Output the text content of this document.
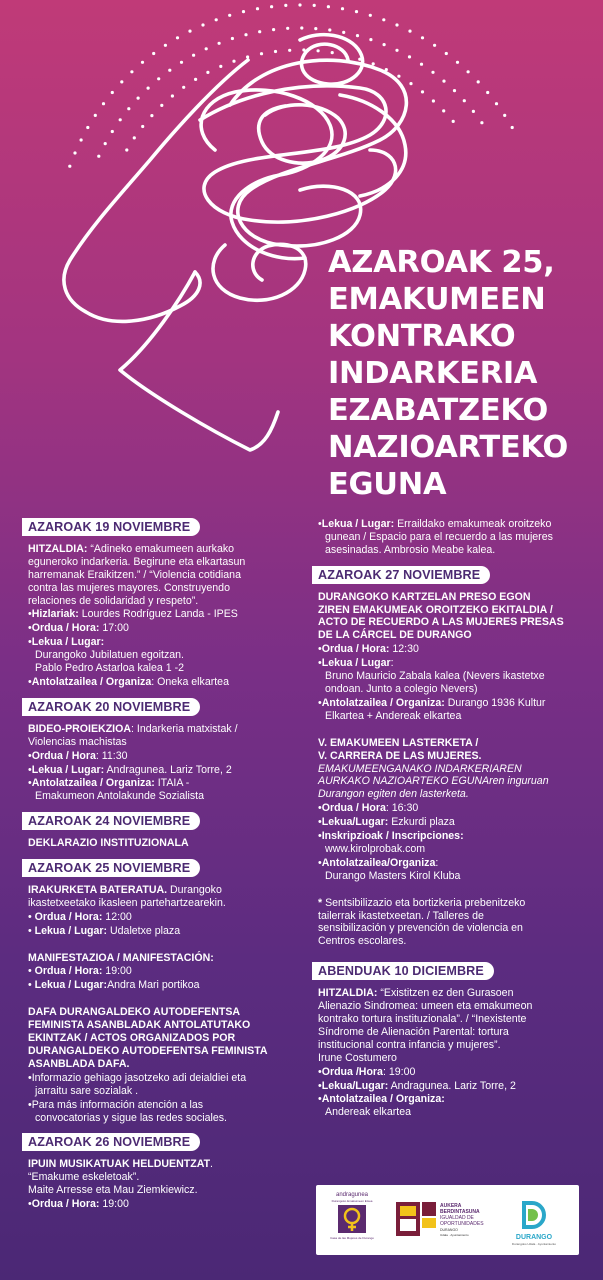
AZAROAK 25,
EMAKUMEEN
KONTRAKO
INDARKERIA
EZABATZEKO
NAZIOARTEKO
EGUNA
AZAROAK 19 NOVIEMBRE

HITZALDIA: “Adineko emakumeen aurkako

eguneroko indarkeria. Begirune eta elkartasun

harremanak Eraikitzen.” / “Violencia cotidiana

contra las mujeres mayores. Construyendo

relaciones de solidaridad y respeto”.

•Hizlariak: Lourdes Rodríguez Landa - IPES

•Ordua / Hora: 17:00

•Lekua / Lugar:

Durangoko Jubilatuen egoitzan.

Pablo Pedro Astarloa kalea 1 -2

•Antolatzailea / Organiza: Oneka elkartea

AZAROAK 20 NOVIEMBRE

BIDEO-PROIEKZIOA: Indarkeria matxistak /

Violencias machistas

•Ordua / Hora: 11:30

•Lekua / Lugar: Andragunea. Lariz Torre, 2

•Antolatzailea / Organiza: ITAIA -

Emakumeon Antolakunde Sozialista

AZAROAK 24 NOVIEMBRE

DEKLARAZIO INSTITUZIONALA

AZAROAK 25 NOVIEMBRE

IRAKURKETA BATERATUA. Durangoko

ikastetxeetako ikasleen partehartzearekin.

• Ordua / Hora: 12:00

• Lekua / Lugar: Udaletxe plaza

MANIFESTAZIOA / MANIFESTACIÓN:

• Ordua / Hora: 19:00

• Lekua / Lugar:Andra Mari portikoa

DAFA DURANGALDEKO AUTODEFENTSA

FEMINISTA ASANBLADAK ANTOLATUTAKO

EKINTZAK / ACTOS ORGANIZADOS POR

DURANGALDEKO AUTODEFENTSA FEMINISTA

ASANBLADA DAFA.

•Informazio gehiago jasotzeko adi deialdiei eta

jarraitu sare sozialak .

•Para más información atención a las

convocatorias y sigue las redes sociales.

AZAROAK 26 NOVIEMBRE

IPUIN MUSIKATUAK HELDUENTZAT.

“Emakume eskeletoak”.

Maite Arresse eta Mau Ziemkiewicz.

•Ordua / Hora: 19:00

•Lekua / Lugar: Erraildako emakumeak oroitzeko

gunean / Espacio para el recuerdo a las mujeres

asesinadas. Ambrosio Meabe kalea.

AZAROAK 27 NOVIEMBRE

DURANGOKO KARTZELAN PRESO EGON

ZIREN EMAKUMEAK OROITZEKO EKITALDIA /

ACTO DE RECUERDO A LAS MUJERES PRESAS

DE LA CÁRCEL DE DURANGO

•Ordua / Hora: 12:30

•Lekua / Lugar:

Bruno Mauricio Zabala kalea (Nevers ikastetxe

ondoan. Junto a colegio Nevers)

•Antolatzailea / Organiza: Durango 1936 Kultur

Elkartea + Andereak elkartea

V. EMAKUMEEN LASTERKETA /

V. CARRERA DE LAS MUJERES.

EMAKUMEENGANAKO INDARKERIAREN

AURKAKO NAZIOARTEKO EGUNAren inguruan

Durangon egiten den lasterketa.

•Ordua / Hora: 16:30

•Lekua/Lugar: Ezkurdi plaza

•Inskripzioak / Inscripciones:

www.kirolprobak.com

•Antolatzailea/Organiza:

Durango Masters Kirol Kluba

* Sentsibilizazio eta bortizkeria prebenitzeko

tailerrak ikastetxeetan. / Talleres de

sensibilización y prevención de violencia en

Centros escolares.

ABENDUAK 10 DICIEMBRE

HITZALDIA: “Existitzen ez den Gurasoen

Alienazio Sindromea: umeen eta emakumeon

kontrako tortura instituzionala”. / “Inexistente

Síndrome de Alienación Parental: tortura

institucional contra infancia y mujeres”.

Irune Costumero

•Ordua /Hora: 19:00

•Lekua/Lugar: Andragunea. Lariz Torre, 2

•Antolatzailea / Organiza:

Andereak elkartea

andragunea
Durangoko Emakumeen Etxea
Casa de las Mujeres de Durango
AUKERA
BERDINTASUNA
IGUALDAD DE
OPORTUNIDADES
DURANGO
Udala · Ayuntamiento	DURANGO
Durangoko Udala · Ayuntamiento
